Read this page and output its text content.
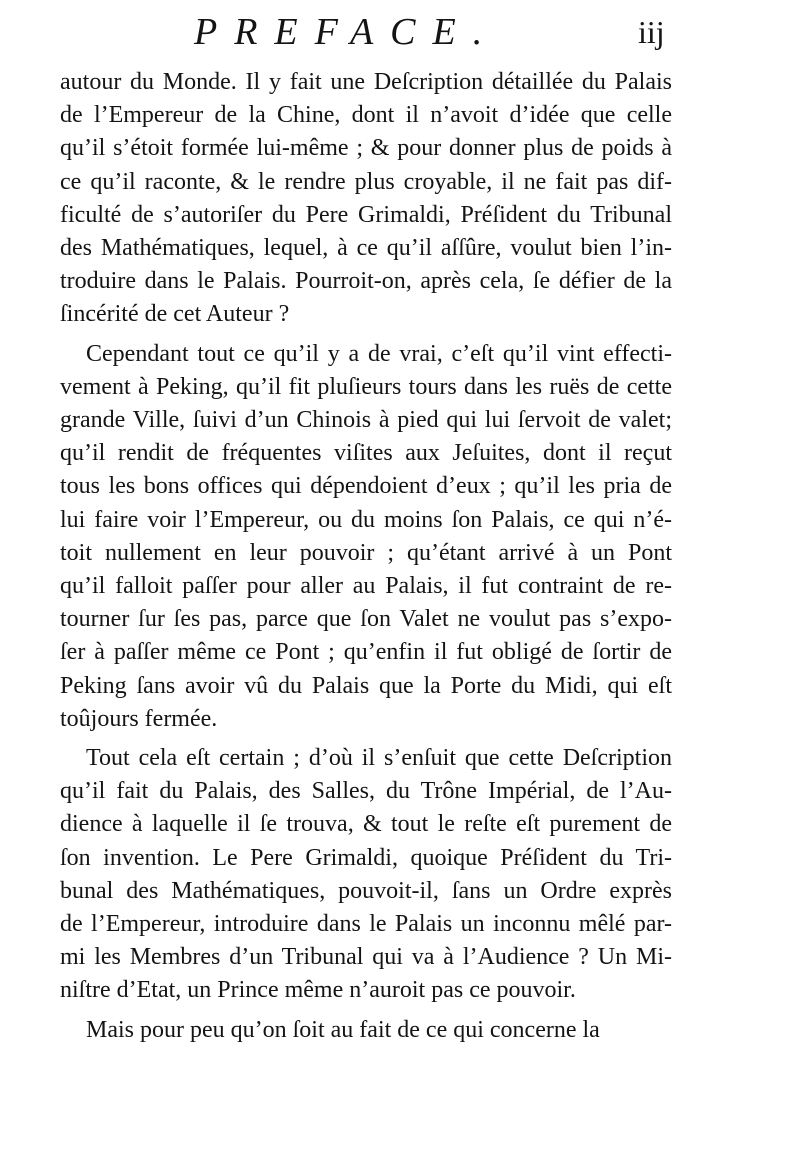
PREFACE.	iij
autour du Monde. Il y fait une Deſcription détaillée du Palais
de l’Empereur de la Chine, dont il n’avoit d’idée que celle
qu’il s’étoit formée lui-même ; & pour donner plus de poids à
ce qu’il raconte, & le rendre plus croyable, il ne fait pas dif-
ficulté de s’autoriſer du Pere Grimaldi, Préſident du Tribunal
des Mathématiques, lequel, à ce qu’il aſſûre, voulut bien l’in-
troduire dans le Palais. Pourroit-on, après cela, ſe défier de la
ſincérité de cet Auteur ?
Cependant tout ce qu’il y a de vrai, c’eſt qu’il vint effecti-
vement à Peking, qu’il fit pluſieurs tours dans les ruës de cette
grande Ville, ſuivi d’un Chinois à pied qui lui ſervoit de valet;
qu’il rendit de fréquentes viſites aux Jeſuites, dont il reçut
tous les bons offices qui dépendoient d’eux ; qu’il les pria de
lui faire voir l’Empereur, ou du moins ſon Palais, ce qui n’é-
toit nullement en leur pouvoir ; qu’étant arrivé à un Pont
qu’il falloit paſſer pour aller au Palais, il fut contraint de re-
tourner ſur ſes pas, parce que ſon Valet ne voulut pas s’expo-
ſer à paſſer même ce Pont ; qu’enfin il fut obligé de ſortir de
Peking ſans avoir vû du Palais que la Porte du Midi, qui eſt
toûjours fermée.
Tout cela eſt certain ; d’où il s’enſuit que cette Deſcription
qu’il fait du Palais, des Salles, du Trône Impérial, de l’Au-
dience à laquelle il ſe trouva, & tout le reſte eſt purement de
ſon invention. Le Pere Grimaldi, quoique Préſident du Tri-
bunal des Mathématiques, pouvoit-il, ſans un Ordre exprès
de l’Empereur, introduire dans le Palais un inconnu mêlé par-
mi les Membres d’un Tribunal qui va à l’Audience ? Un Mi-
niſtre d’Etat, un Prince même n’auroit pas ce pouvoir.
Mais pour peu qu’on ſoit au fait de ce qui concerne la
